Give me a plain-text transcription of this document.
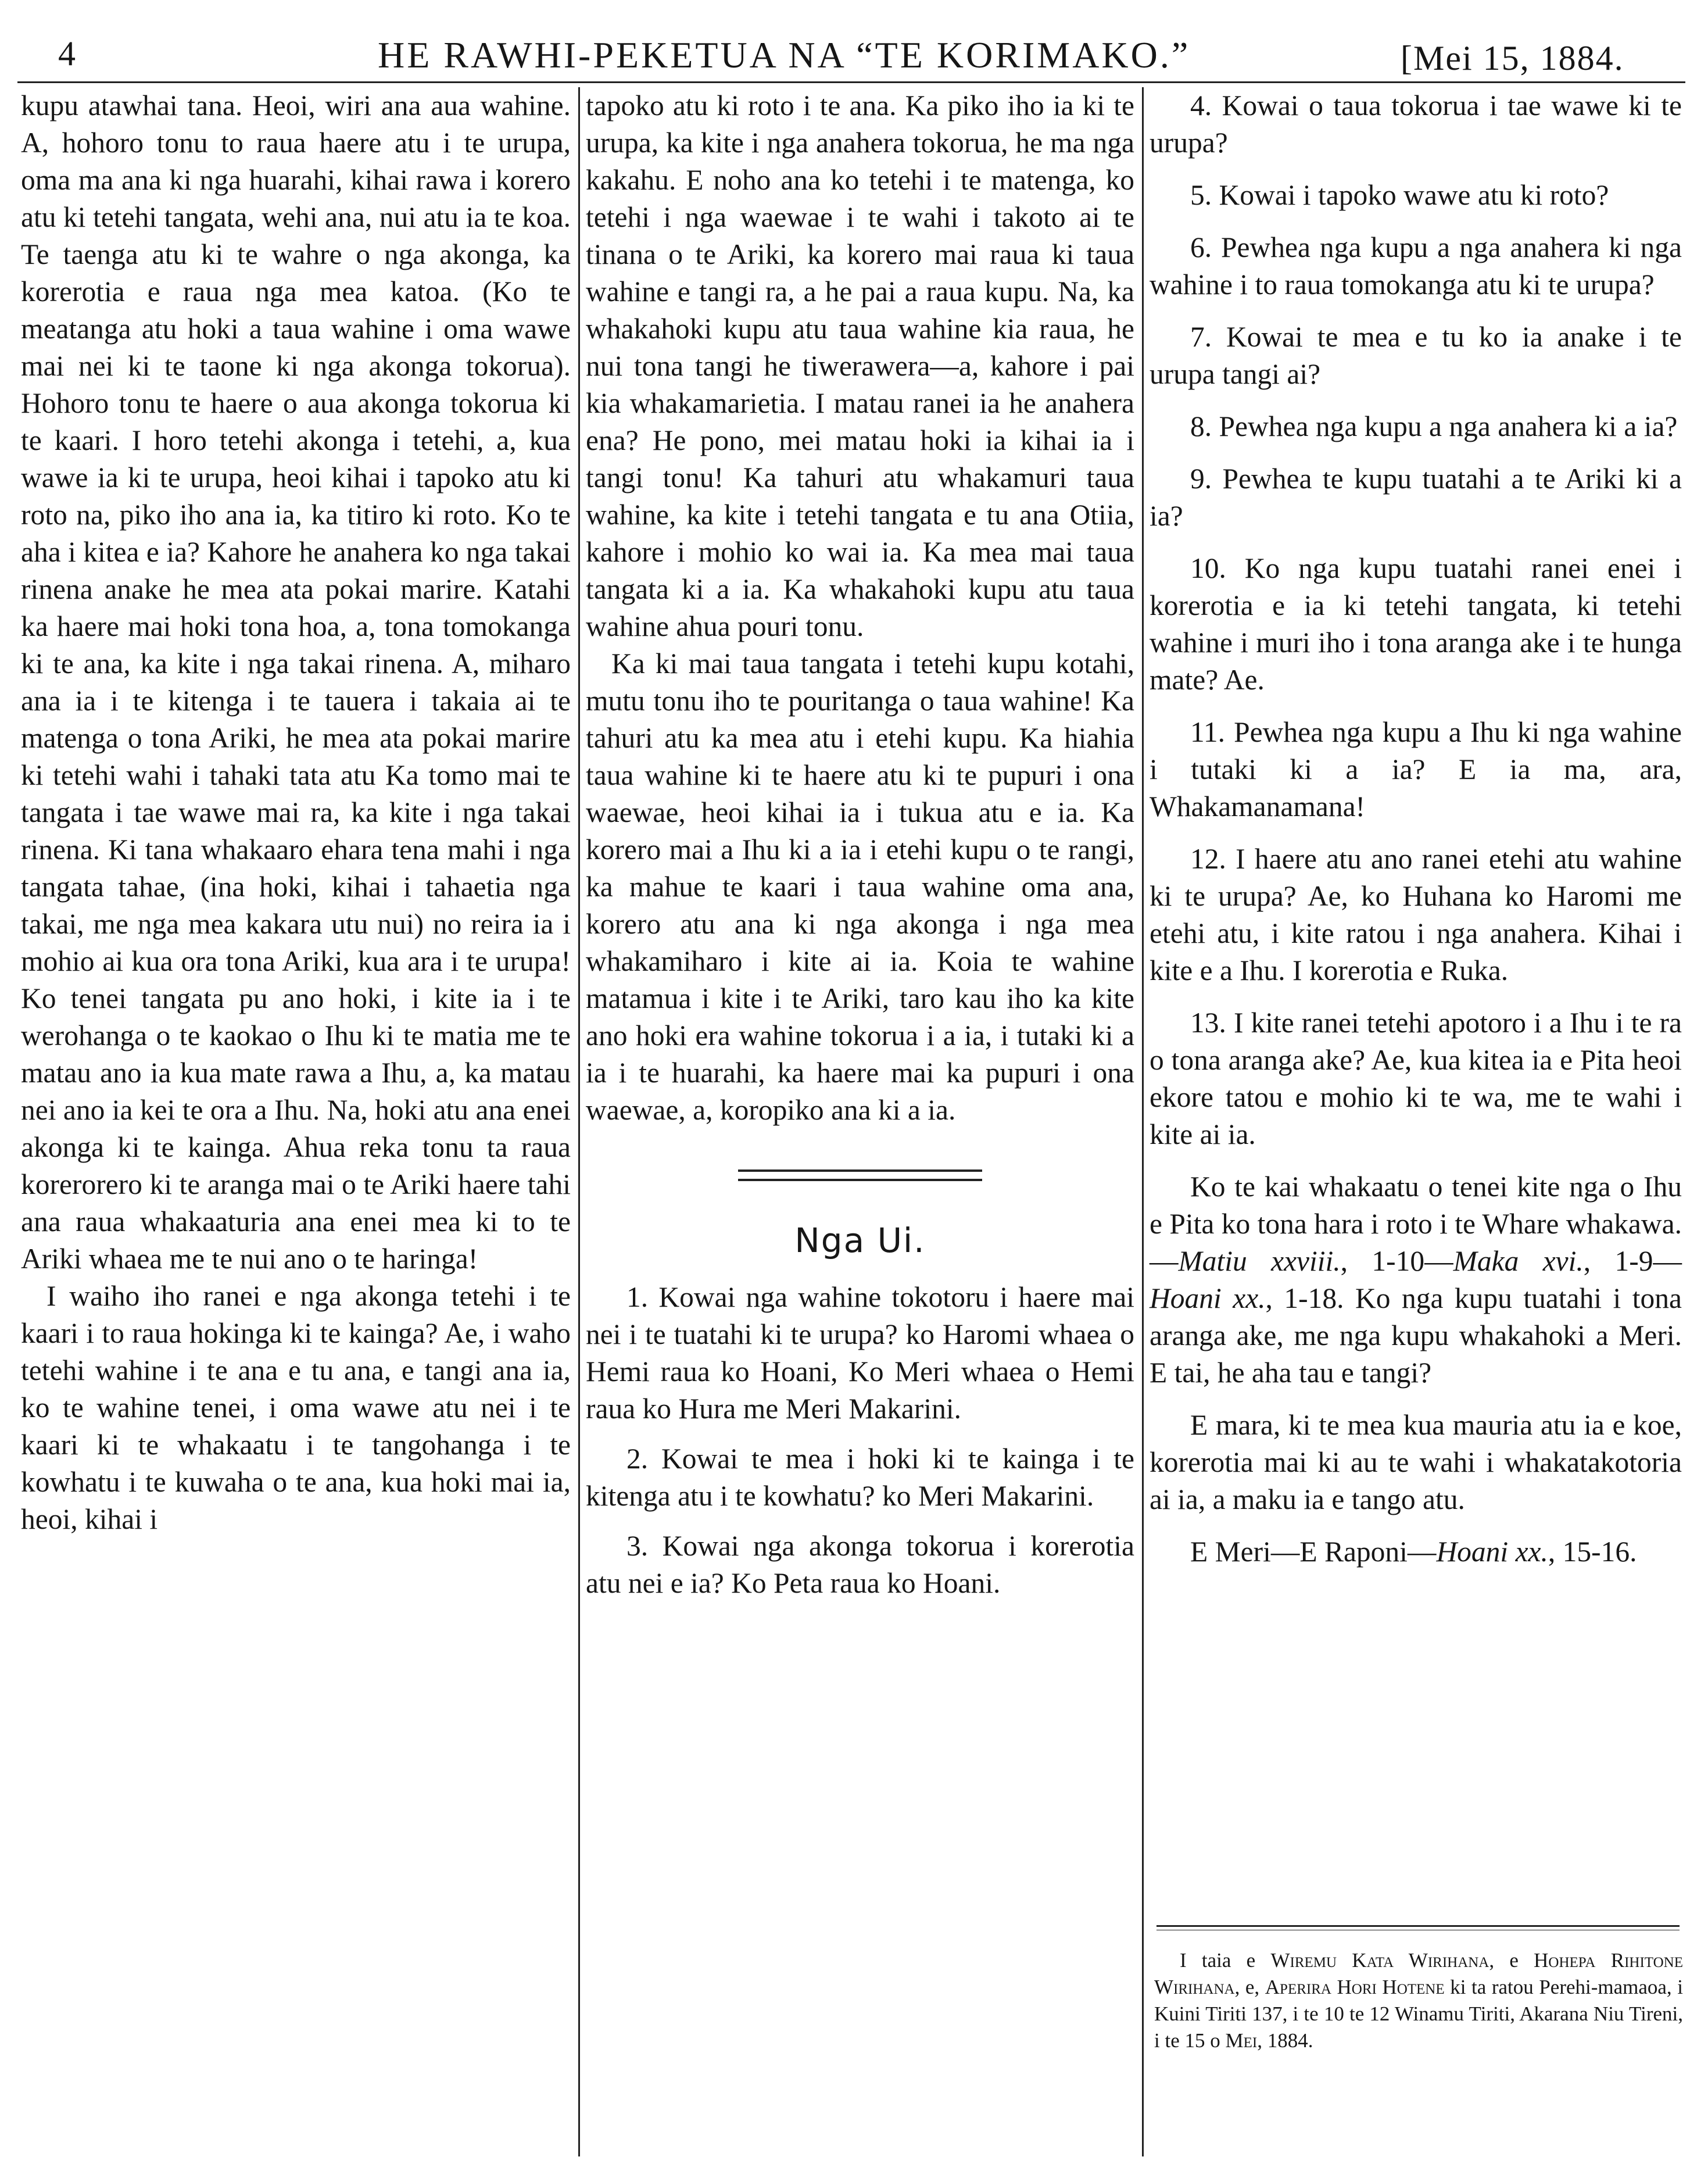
4	HE RAWHI-PEKETUA NA “TE KORIMAKO.”	[Mei 15, 1884.

kupu atawhai tana. Heoi, wiri ana aua wahine. A, hohoro tonu to raua haere atu i te urupa, oma ma ana ki nga huarahi, kihai rawa i korero atu ki tetehi tangata, wehi ana, nui atu ia te koa. Te taenga atu ki te wahre o nga akonga, ka korerotia e raua nga mea katoa. (Ko te meatanga atu hoki a taua wahine i oma wawe mai nei ki te taone ki nga akonga tokorua). Hohoro tonu te haere o aua akonga tokorua ki te kaari. I horo tetehi akonga i tetehi, a, kua wawe ia ki te urupa, heoi kihai i tapoko atu ki roto na, piko iho ana ia, ka titiro ki roto. Ko te aha i kitea e ia? Kahore he anahera ko nga takai rinena anake he mea ata pokai marire. Katahi ka haere mai hoki tona hoa, a, tona tomokanga ki te ana, ka kite i nga takai rinena. A, miharo ana ia i te kitenga i te tauera i takaia ai te matenga o tona Ariki, he mea ata pokai marire ki tetehi wahi i tahaki tata atu Ka tomo mai te tangata i tae wawe mai ra, ka kite i nga takai rinena. Ki tana whakaaro ehara tena mahi i nga tangata tahae, (ina hoki, kihai i tahaetia nga takai, me nga mea kakara utu nui) no reira ia i mohio ai kua ora tona Ariki, kua ara i te urupa! Ko tenei tangata pu ano hoki, i kite ia i te werohanga o te kaokao o Ihu ki te matia me te matau ano ia kua mate rawa a Ihu, a, ka matau nei ano ia kei te ora a Ihu. Na, hoki atu ana enei akonga ki te kainga. Ahua reka tonu ta raua korerorero ki te aranga mai o te Ariki haere tahi ana raua whakaaturia ana enei mea ki to te Ariki whaea me te nui ano o te haringa!

I waiho iho ranei e nga akonga tetehi i te kaari i to raua hokinga ki te kainga? Ae, i waho tetehi wahine i te ana e tu ana, e tangi ana ia, ko te wahine tenei, i oma wawe atu nei i te kaari ki te whakaatu i te tangohanga i te kowhatu i te kuwaha o te ana, kua hoki mai ia, heoi, kihai i

tapoko atu ki roto i te ana. Ka piko iho ia ki te urupa, ka kite i nga anahera tokorua, he ma nga kakahu. E noho ana ko tetehi i te matenga, ko tetehi i nga waewae i te wahi i takoto ai te tinana o te Ariki, ka korero mai raua ki taua wahine e tangi ra, a he pai a raua kupu. Na, ka whakahoki kupu atu taua wahine kia raua, he nui tona tangi he tiwerawera—a, kahore i pai kia whakamarietia. I matau ranei ia he anahera ena? He pono, mei matau hoki ia kihai ia i tangi tonu! Ka tahuri atu whakamuri taua wahine, ka kite i tetehi tangata e tu ana Otiia, kahore i mohio ko wai ia. Ka mea mai taua tangata ki a ia. Ka whakahoki kupu atu taua wahine ahua pouri tonu.

Ka ki mai taua tangata i tetehi kupu kotahi, mutu tonu iho te pouritanga o taua wahine! Ka tahuri atu ka mea atu i etehi kupu. Ka hiahia taua wahine ki te haere atu ki te pupuri i ona waewae, heoi kihai ia i tukua atu e ia. Ka korero mai a Ihu ki a ia i etehi kupu o te rangi, ka mahue te kaari i taua wahine oma ana, korero atu ana ki nga akonga i nga mea whakamiharo i kite ai ia. Koia te wahine matamua i kite i te Ariki, taro kau iho ka kite ano hoki era wahine tokorua i a ia, i tutaki ki a ia i te huarahi, ka haere mai ka pupuri i ona waewae, a, koropiko ana ki a ia.

Nga Ui.

1. Kowai nga wahine tokotoru i haere mai nei i te tuatahi ki te urupa? ko Haromi whaea o Hemi raua ko Hoani, Ko Meri whaea o Hemi raua ko Hura me Meri Makarini.

2. Kowai te mea i hoki ki te kainga i te kitenga atu i te kowhatu? ko Meri Makarini.

3. Kowai nga akonga tokorua i korerotia atu nei e ia? Ko Peta raua ko Hoani.

4. Kowai o taua tokorua i tae wawe ki te urupa?

5. Kowai i tapoko wawe atu ki roto?

6. Pewhea nga kupu a nga anahera ki nga wahine i to raua tomokanga atu ki te urupa?

7. Kowai te mea e tu ko ia anake i te urupa tangi ai?

8. Pewhea nga kupu a nga anahera ki a ia?

9. Pewhea te kupu tuatahi a te Ariki ki a ia?

10. Ko nga kupu tuatahi ranei enei i korerotia e ia ki tetehi tangata, ki tetehi wahine i muri iho i tona aranga ake i te hunga mate? Ae.

11. Pewhea nga kupu a Ihu ki nga wahine i tutaki ki a ia? E ia ma, ara, Whakamanamana!

12. I haere atu ano ranei etehi atu wahine ki te urupa? Ae, ko Huhana ko Haromi me etehi atu, i kite ratou i nga anahera. Kihai i kite e a Ihu. I korerotia e Ruka.

13. I kite ranei tetehi apotoro i a Ihu i te ra o tona aranga ake? Ae, kua kitea ia e Pita heoi ekore tatou e mohio ki te wa, me te wahi i kite ai ia.

Ko te kai whakaatu o tenei kite nga o Ihu e Pita ko tona hara i roto i te Whare whakawa.—Matiu xxviii., 1-10—Maka xvi., 1-9—Hoani xx., 1-18. Ko nga kupu tuatahi i tona aranga ake, me nga kupu whakahoki a Meri. E tai, he aha tau e tangi?

E mara, ki te mea kua mauria atu ia e koe, korerotia mai ki au te wahi i whakatakotoria ai ia, a maku ia e tango atu.

E Meri—E Raponi—Hoani xx., 15-16.

I taia e Wiremu Kata Wirihana, e Hohepa Rihitone Wirihana, e, Aperira Hori Hotene ki ta ratou Perehi-mamaoa, i Kuini Tiriti 137, i te 10 te 12 Winamu Tiriti, Akarana Niu Tireni, i te 15 o Mei, 1884.
